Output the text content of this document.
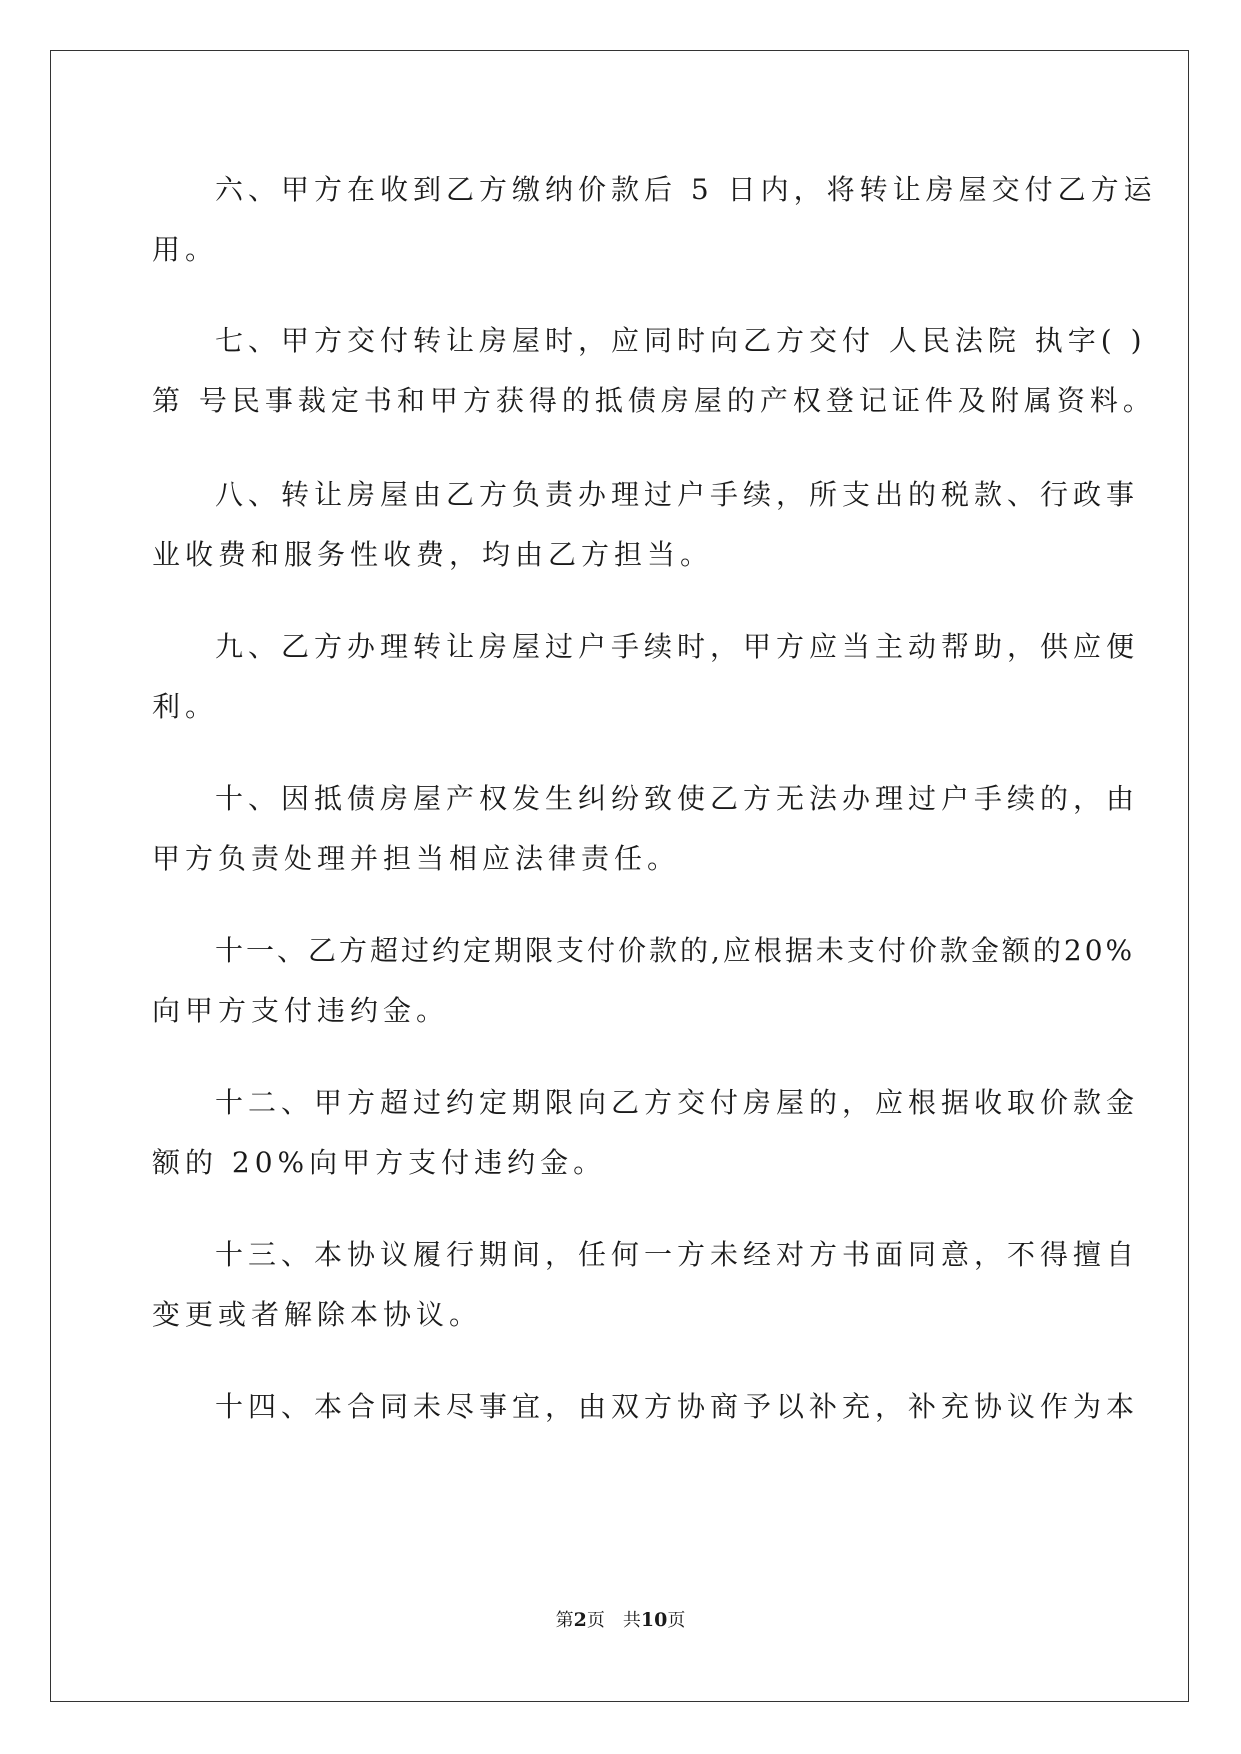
六、甲方在收到乙方缴纳价款后 5 日内，将转让房屋交付乙方运
用。
七、甲方交付转让房屋时，应同时向乙方交付 人民法院 执字( )
第 号民事裁定书和甲方获得的抵债房屋的产权登记证件及附属资料。
八、转让房屋由乙方负责办理过户手续，所支出的税款、行政事
业收费和服务性收费，均由乙方担当。
九、乙方办理转让房屋过户手续时，甲方应当主动帮助，供应便
利。
十、因抵债房屋产权发生纠纷致使乙方无法办理过户手续的，由
甲方负责处理并担当相应法律责任。
十一、乙方超过约定期限支付价款的,应根据未支付价款金额的20%
向甲方支付违约金。
十二、甲方超过约定期限向乙方交付房屋的，应根据收取价款金
额的 20%向甲方支付违约金。
十三、本协议履行期间，任何一方未经对方书面同意，不得擅自
变更或者解除本协议。
十四、本合同未尽事宜，由双方协商予以补充，补充协议作为本
第2页 共10页
